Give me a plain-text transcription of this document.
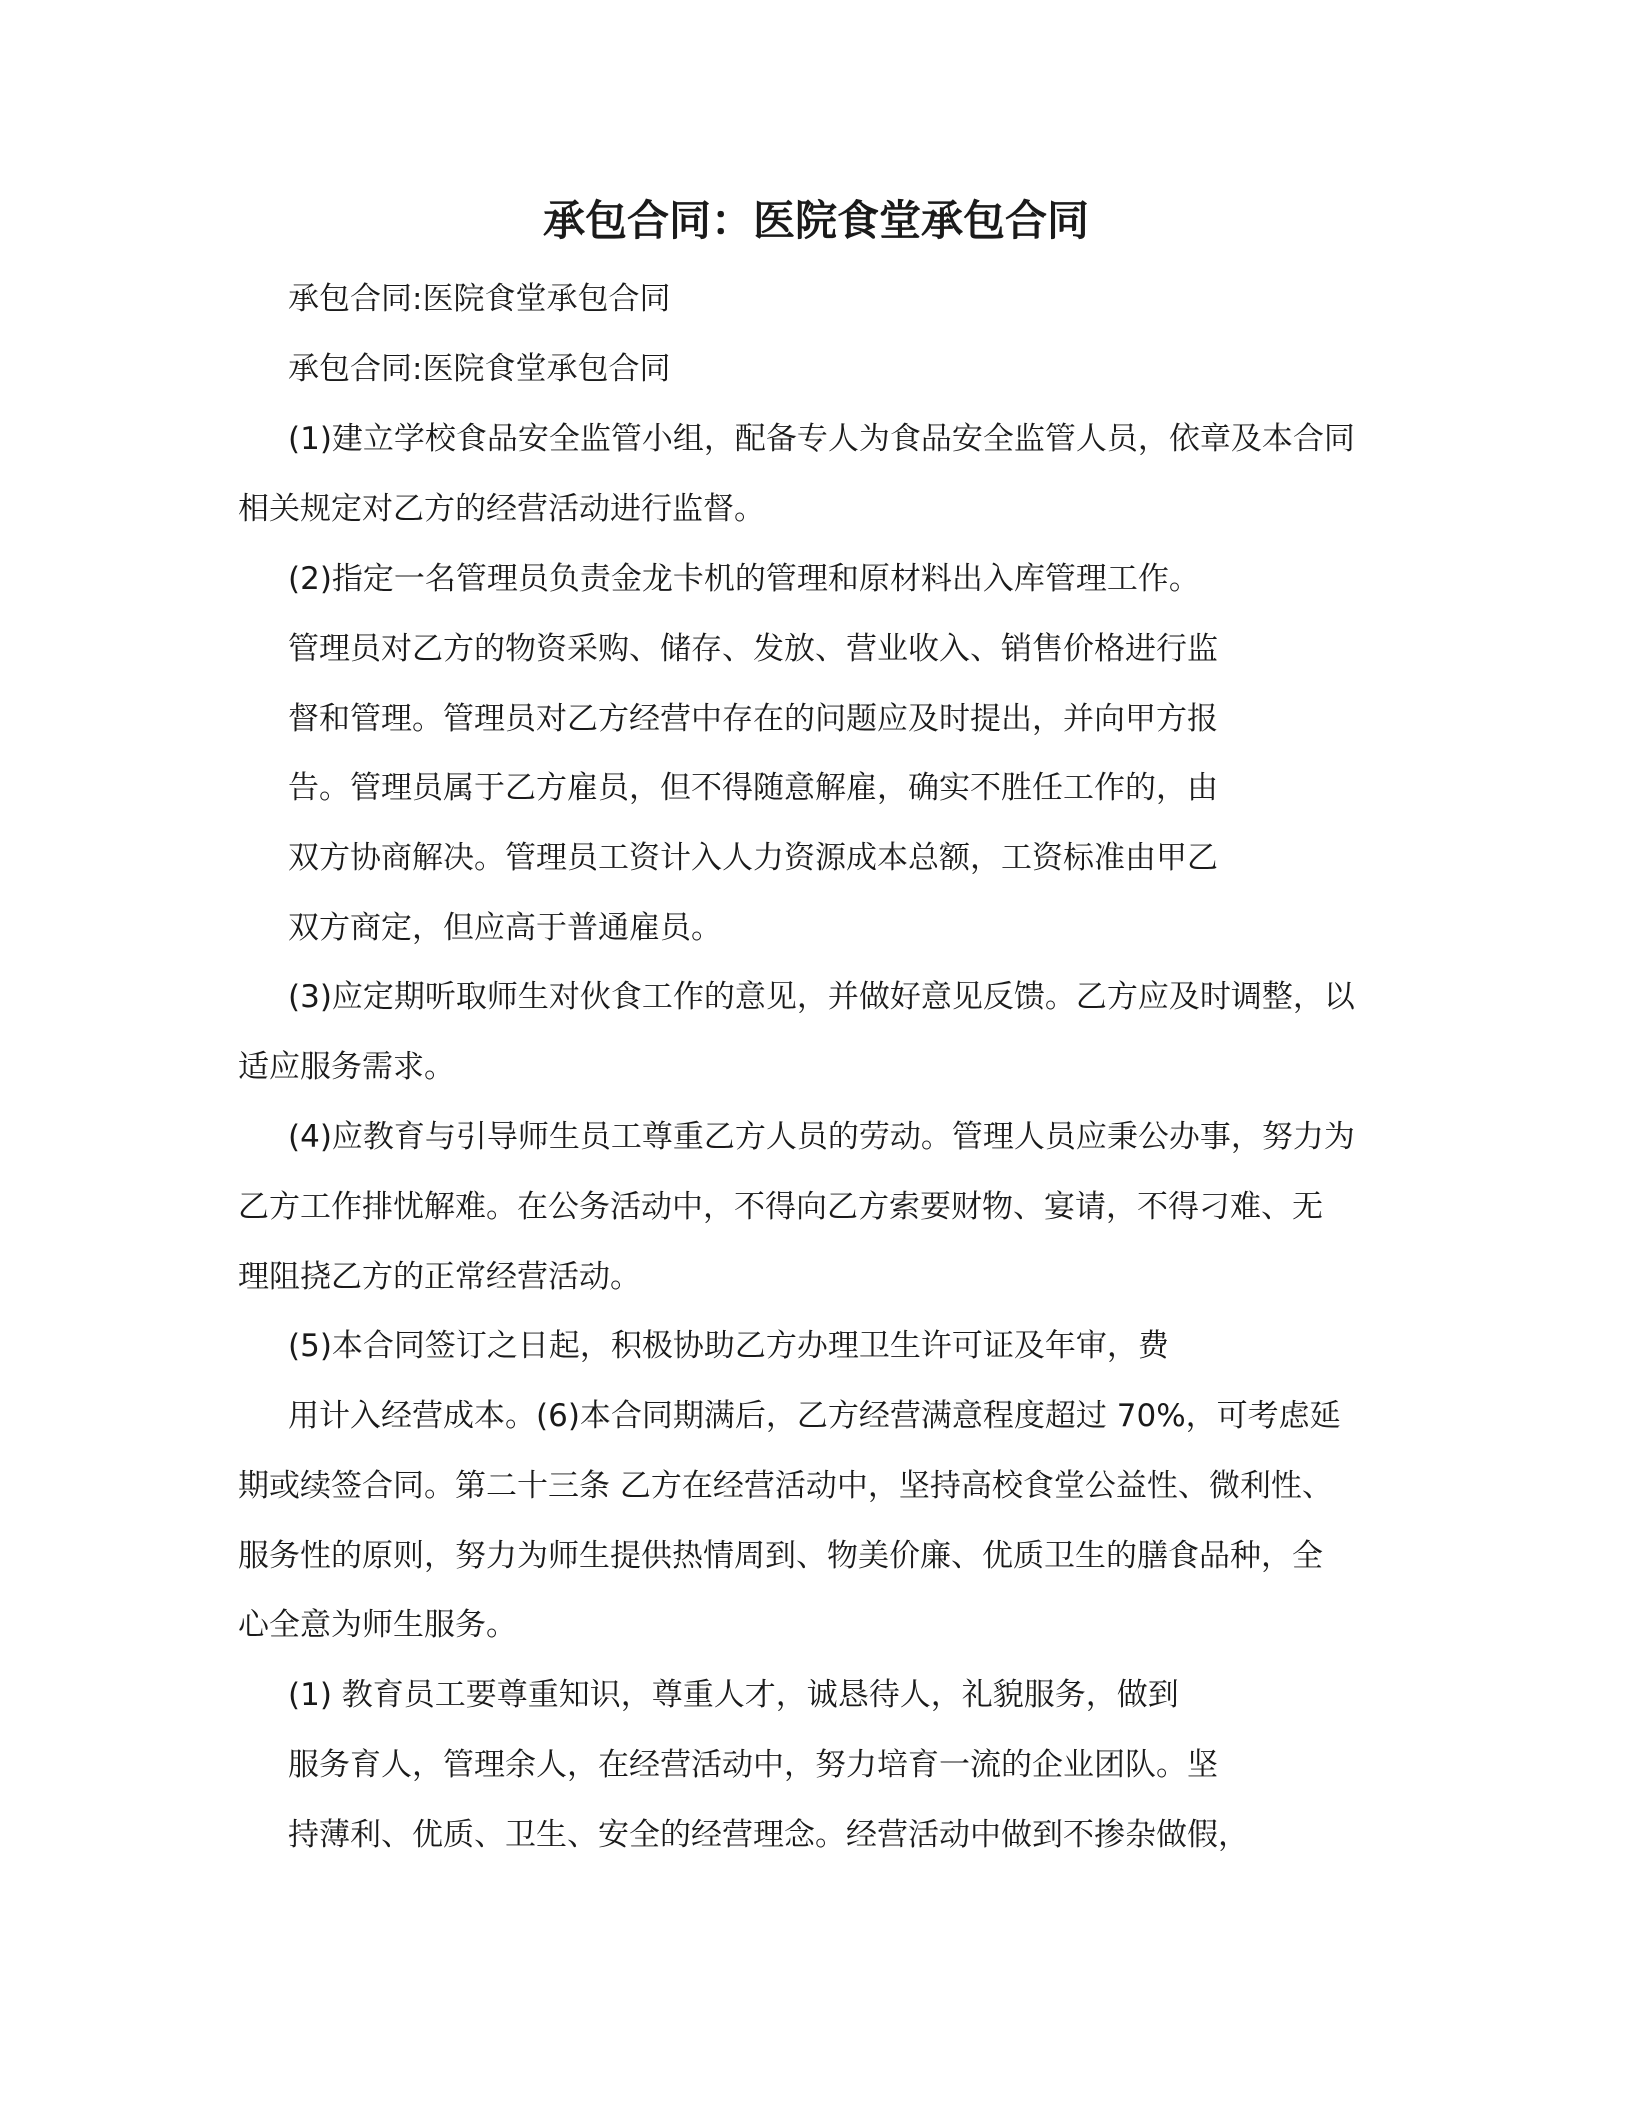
承包合同：医院食堂承包合同
承包合同:医院食堂承包合同
承包合同:医院食堂承包合同
(1)建立学校食品安全监管小组，配备专人为食品安全监管人员，依章及本合同
相关规定对乙方的经营活动进行监督。
(2)指定一名管理员负责金龙卡机的管理和原材料出入库管理工作。
管理员对乙方的物资采购、储存、发放、营业收入、销售价格进行监
督和管理。管理员对乙方经营中存在的问题应及时提出，并向甲方报
告。管理员属于乙方雇员，但不得随意解雇，确实不胜任工作的，由
双方协商解决。管理员工资计入人力资源成本总额，工资标准由甲乙
双方商定，但应高于普通雇员。
(3)应定期听取师生对伙食工作的意见，并做好意见反馈。乙方应及时调整，以
适应服务需求。
(4)应教育与引导师生员工尊重乙方人员的劳动。管理人员应秉公办事，努力为
乙方工作排忧解难。在公务活动中，不得向乙方索要财物、宴请，不得刁难、无
理阻挠乙方的正常经营活动。
(5)本合同签订之日起，积极协助乙方办理卫生许可证及年审，费
用计入经营成本。(6)本合同期满后，乙方经营满意程度超过 70%，可考虑延
期或续签合同。第二十三条 乙方在经营活动中，坚持高校食堂公益性、微利性、
服务性的原则，努力为师生提供热情周到、物美价廉、优质卫生的膳食品种，全
心全意为师生服务。
(1) 教育员工要尊重知识，尊重人才，诚恳待人，礼貌服务，做到
服务育人，管理余人，在经营活动中，努力培育一流的企业团队。坚
持薄利、优质、卫生、安全的经营理念。经营活动中做到不掺杂做假，
